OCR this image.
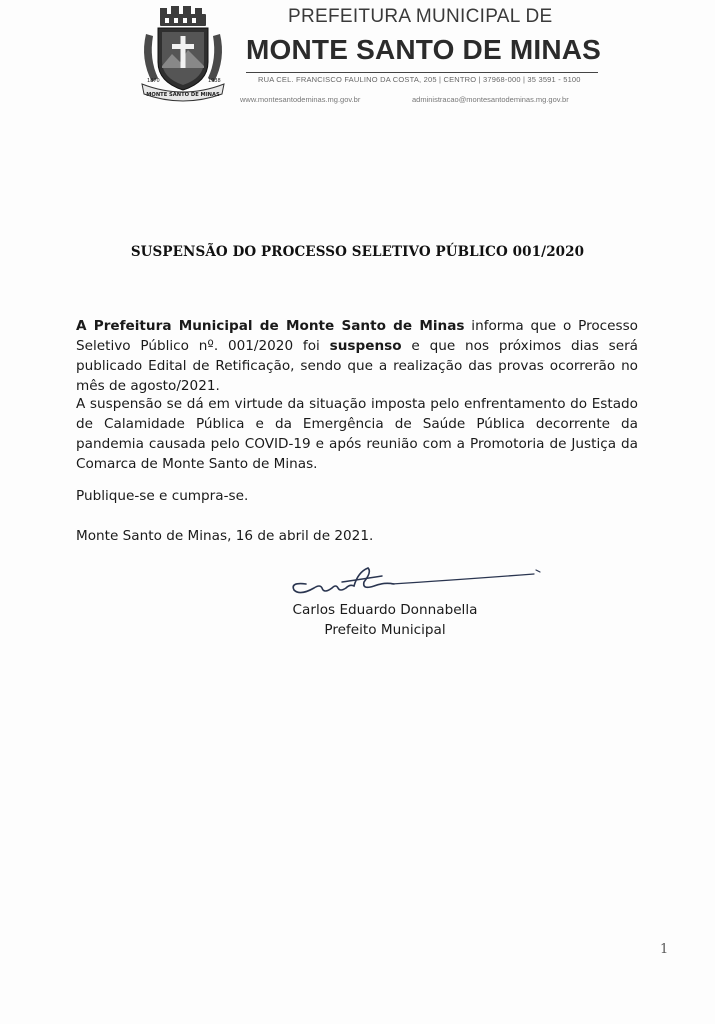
MONTE SANTO DE MINAS
1870	1938
PREFEITURA MUNICIPAL DE
MONTE SANTO DE MINAS
RUA CEL. FRANCISCO FAULINO DA COSTA, 205 | CENTRO | 37968-000 | 35 3591 - 5100
www.montesantodeminas.mg.gov.br	administracao@montesantodeminas.mg.gov.br
SUSPENSÃO DO PROCESSO SELETIVO PÚBLICO 001/2020
A Prefeitura Municipal de Monte Santo de Minas informa que o Processo Seletivo Público nº. 001/2020 foi suspenso e que nos próximos dias será publicado Edital de Retificação, sendo que a realização das provas ocorrerão no mês de agosto/2021.
A suspensão se dá em virtude da situação imposta pelo enfrentamento do Estado de Calamidade Pública e da Emergência de Saúde Pública decorrente da pandemia causada pelo COVID-19 e após reunião com a Promotoria de Justiça da Comarca de Monte Santo de Minas.
Publique-se e cumpra-se.
Monte Santo de Minas, 16 de abril de 2021.
Carlos Eduardo Donnabella
Prefeito Municipal
1
